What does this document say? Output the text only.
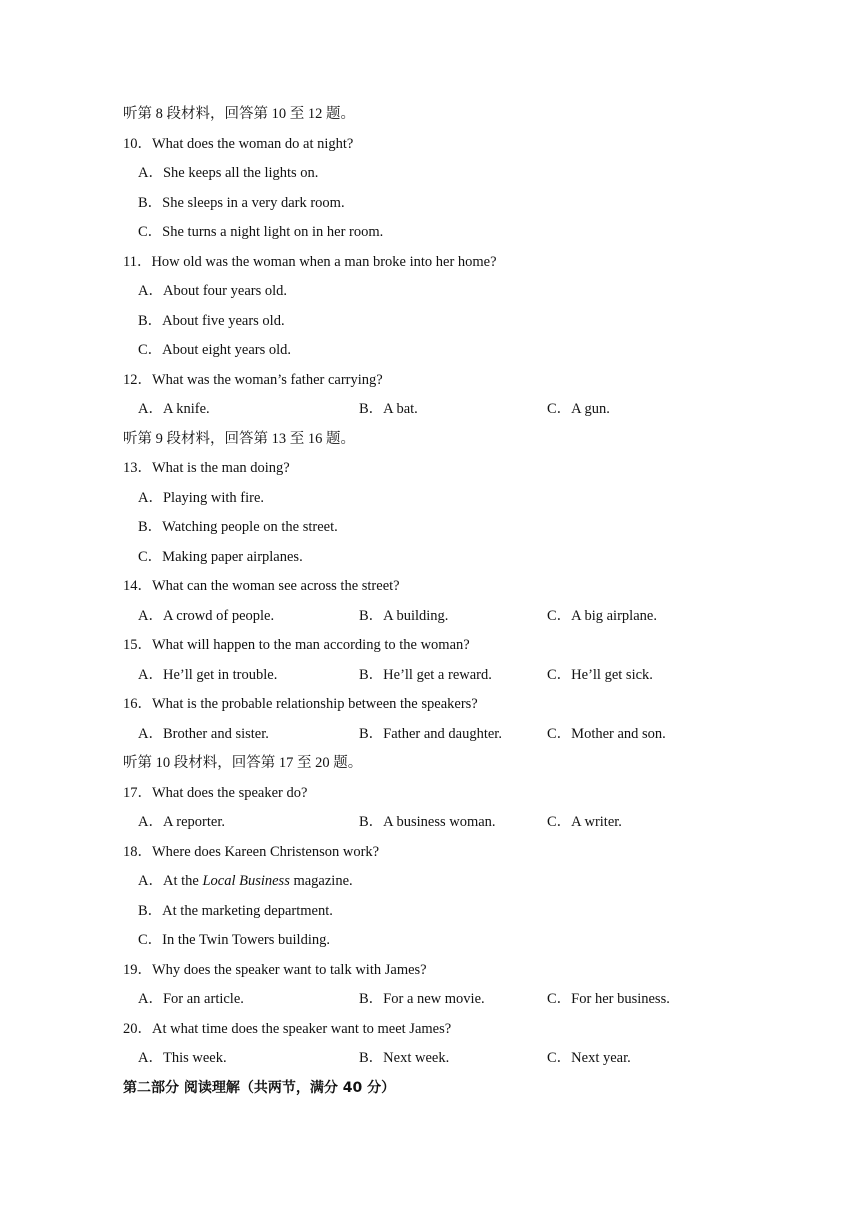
听第 8 段材料，回答第 10 至 12 题。
10．What does the woman do at night?
A．She keeps all the lights on.
B．She sleeps in a very dark room.
C．She turns a night light on in her room.
11．How old was the woman when a man broke into her home?
A．About four years old.
B．About five years old.
C．About eight years old.
12．What was the woman’s father carrying?
A．A knife.	B．A bat.	C．A gun.
听第 9 段材料，回答第 13 至 16 题。
13．What is the man doing?
A．Playing with fire.
B．Watching people on the street.
C．Making paper airplanes.
14．What can the woman see across the street?
A．A crowd of people.	B．A building.	C．A big airplane.
15．What will happen to the man according to the woman?
A．He’ll get in trouble.	B．He’ll get a reward.	C．He’ll get sick.
16．What is the probable relationship between the speakers?
A．Brother and sister.	B．Father and daughter.	C．Mother and son.
听第 10 段材料，回答第 17 至 20 题。
17．What does the speaker do?
A．A reporter.	B．A business woman.	C．A writer.
18．Where does Kareen Christenson work?
A．At the Local Business magazine.
B．At the marketing department.
C．In the Twin Towers building.
19．Why does the speaker want to talk with James?
A．For an article.	B．For a new movie.	C．For her business.
20．At what time does the speaker want to meet James?
A．This week.	B．Next week.	C．Next year.
第二部分 阅读理解（共两节，满分 40 分）
